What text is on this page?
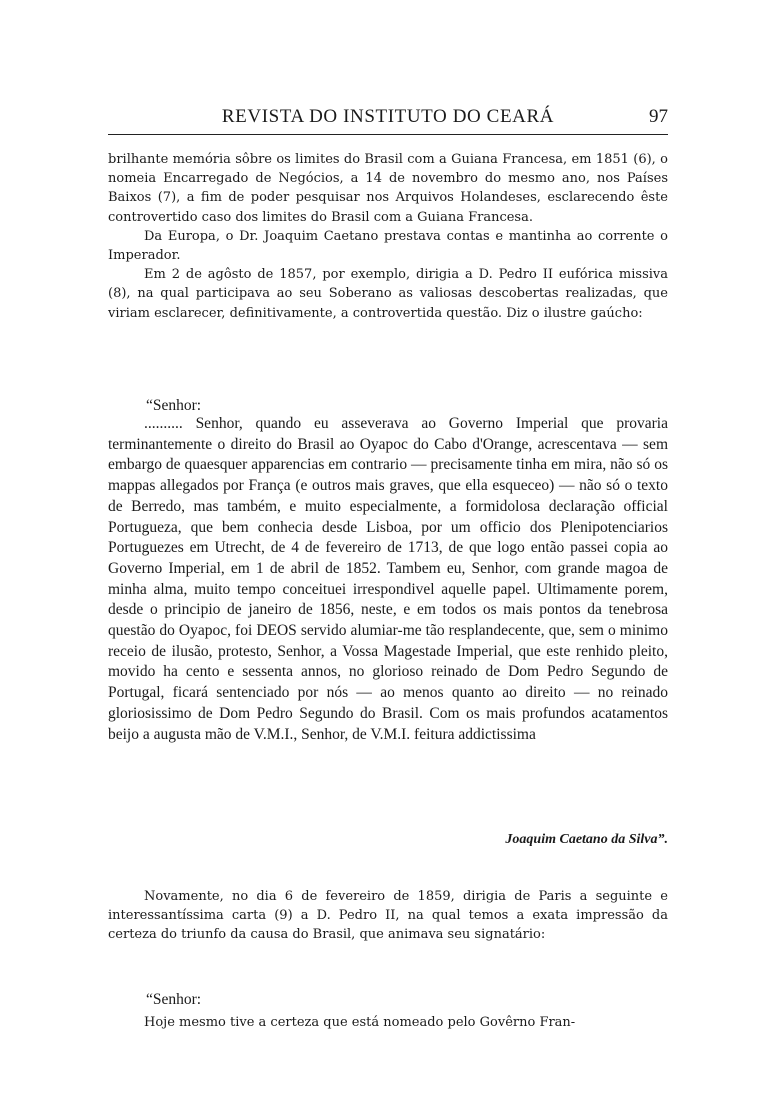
REVISTA DO INSTITUTO DO CEARÁ	97

brilhante memória sôbre os limites do Brasil com a Guiana Francesa, em 1851 (6), o nomeia Encarregado de Negócios, a 14 de novembro do mesmo ano, nos Países Baixos (7), a fim de poder pesquisar nos Arquivos Holandeses, esclarecendo êste controvertido caso dos limites do Brasil com a Guiana Francesa.

Da Europa, o Dr. Joaquim Caetano prestava contas e mantinha ao corrente o Imperador.

Em 2 de agôsto de 1857, por exemplo, dirigia a D. Pedro II eufórica missiva (8), na qual participava ao seu Soberano as valiosas descobertas realizadas, que viriam esclarecer, definitivamente, a controvertida questão. Diz o ilustre gaúcho:

“Senhor:

.......... Senhor, quando eu asseverava ao Governo Imperial que provaria terminantemente o direito do Brasil ao Oyapoc do Cabo d'Orange, acrescentava — sem embargo de quaesquer apparencias em contrario — precisamente tinha em mira, não só os mappas allegados por França (e outros mais graves, que ella esqueceo) — não só o texto de Berredo, mas também, e muito especialmente, a formidolosa declaração official Portugueza, que bem conhecia desde Lisboa, por um officio dos Plenipotenciarios Portuguezes em Utrecht, de 4 de fevereiro de 1713, de que logo então passei copia ao Governo Imperial, em 1 de abril de 1852. Tambem eu, Senhor, com grande magoa de minha alma, muito tempo conceituei irrespondivel aquelle papel. Ultimamente porem, desde o principio de janeiro de 1856, neste, e em todos os mais pontos da tenebrosa questão do Oyapoc, foi DEOS servido alumiar-me tão resplandecente, que, sem o minimo receio de ilusão, protesto, Senhor, a Vossa Magestade Imperial, que este renhido pleito, movido ha cento e sessenta annos, no glorioso reinado de Dom Pedro Segundo de Portugal, ficará sentenciado por nós — ao menos quanto ao direito — no reinado gloriosissimo de Dom Pedro Segundo do Brasil. Com os mais profundos acatamentos beijo a augusta mão de V.M.I., Senhor, de V.M.I. feitura addictissima

Joaquim Caetano da Silva”.

Novamente, no dia 6 de fevereiro de 1859, dirigia de Paris a seguinte e interessantíssima carta (9) a D. Pedro II, na qual temos a exata impressão da certeza do triunfo da causa do Brasil, que animava seu signatário:

“Senhor:
Hoje mesmo tive a certeza que está nomeado pelo Govêrno Fran-
